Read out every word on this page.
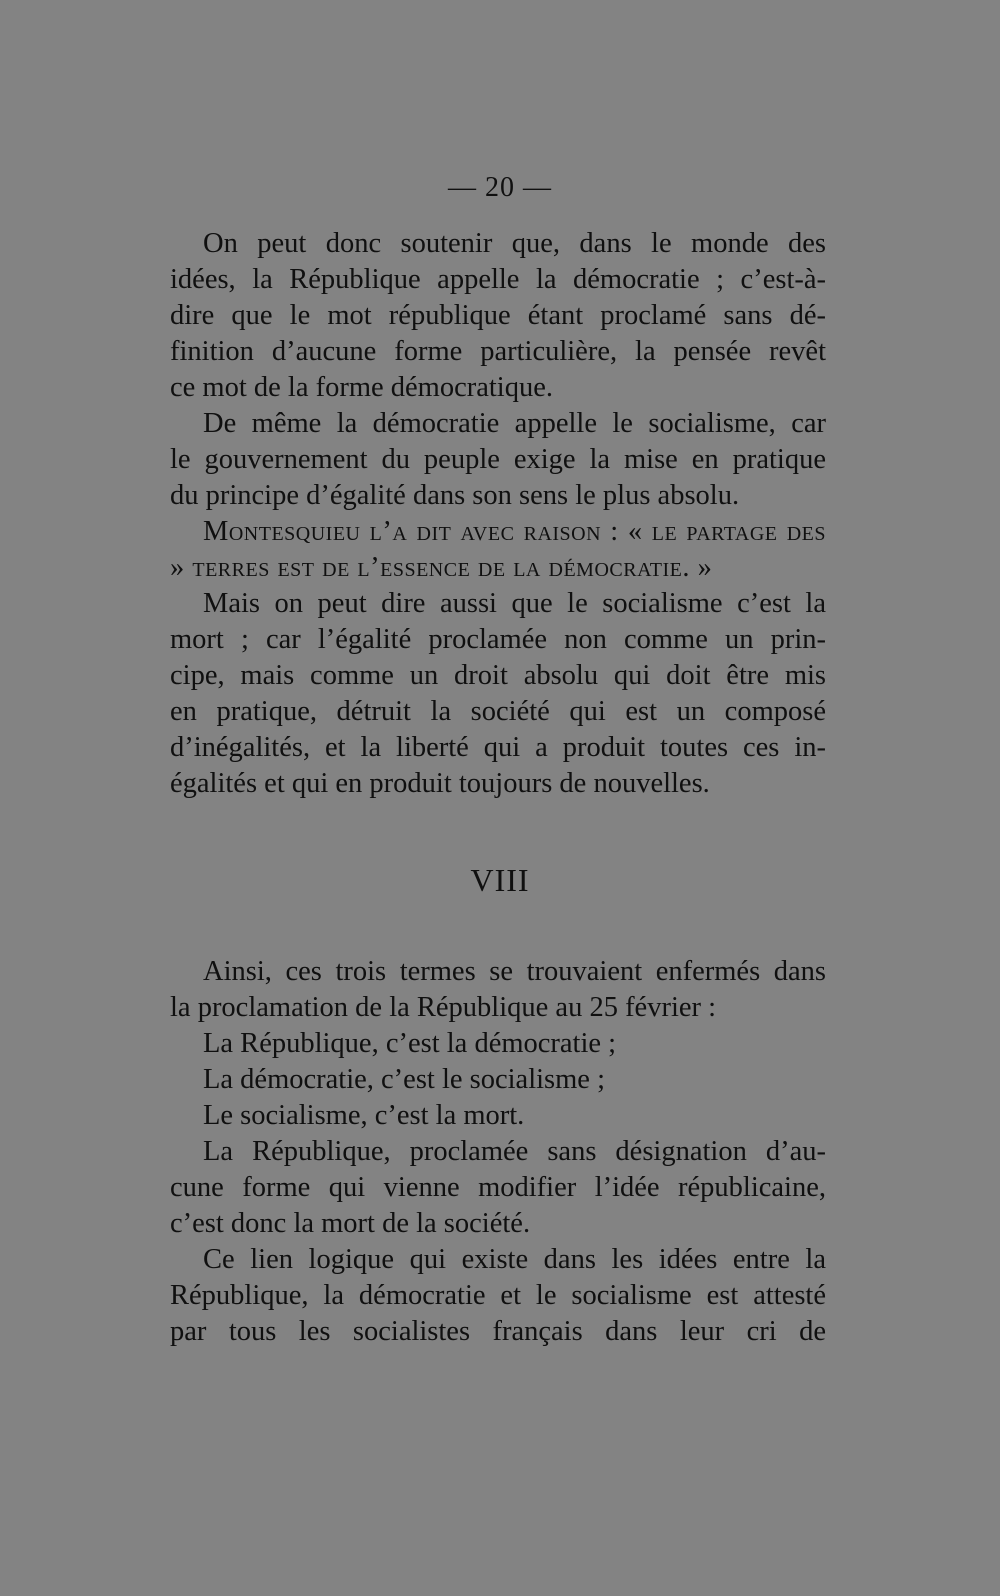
— 20 —
On peut donc soutenir que, dans le monde des
idées, la République appelle la démocratie ; c’est-à-
dire que le mot république étant proclamé sans dé-
finition d’aucune forme particulière, la pensée revêt
ce mot de la forme démocratique.
De même la démocratie appelle le socialisme, car
le gouvernement du peuple exige la mise en pratique
du principe d’égalité dans son sens le plus absolu.
Montesquieu l’a dit avec raison : « le partage des
» terres est de l’essence de la démocratie. »
Mais on peut dire aussi que le socialisme c’est la
mort ; car l’égalité proclamée non comme un prin-
cipe, mais comme un droit absolu qui doit être mis
en pratique, détruit la société qui est un composé
d’inégalités, et la liberté qui a produit toutes ces in-
égalités et qui en produit toujours de nouvelles.
VIII
Ainsi, ces trois termes se trouvaient enfermés dans
la proclamation de la République au 25 février :
La République, c’est la démocratie ;
La démocratie, c’est le socialisme ;
Le socialisme, c’est la mort.
La République, proclamée sans désignation d’au-
cune forme qui vienne modifier l’idée républicaine,
c’est donc la mort de la société.
Ce lien logique qui existe dans les idées entre la
République, la démocratie et le socialisme est attesté
par tous les socialistes français dans leur cri de
